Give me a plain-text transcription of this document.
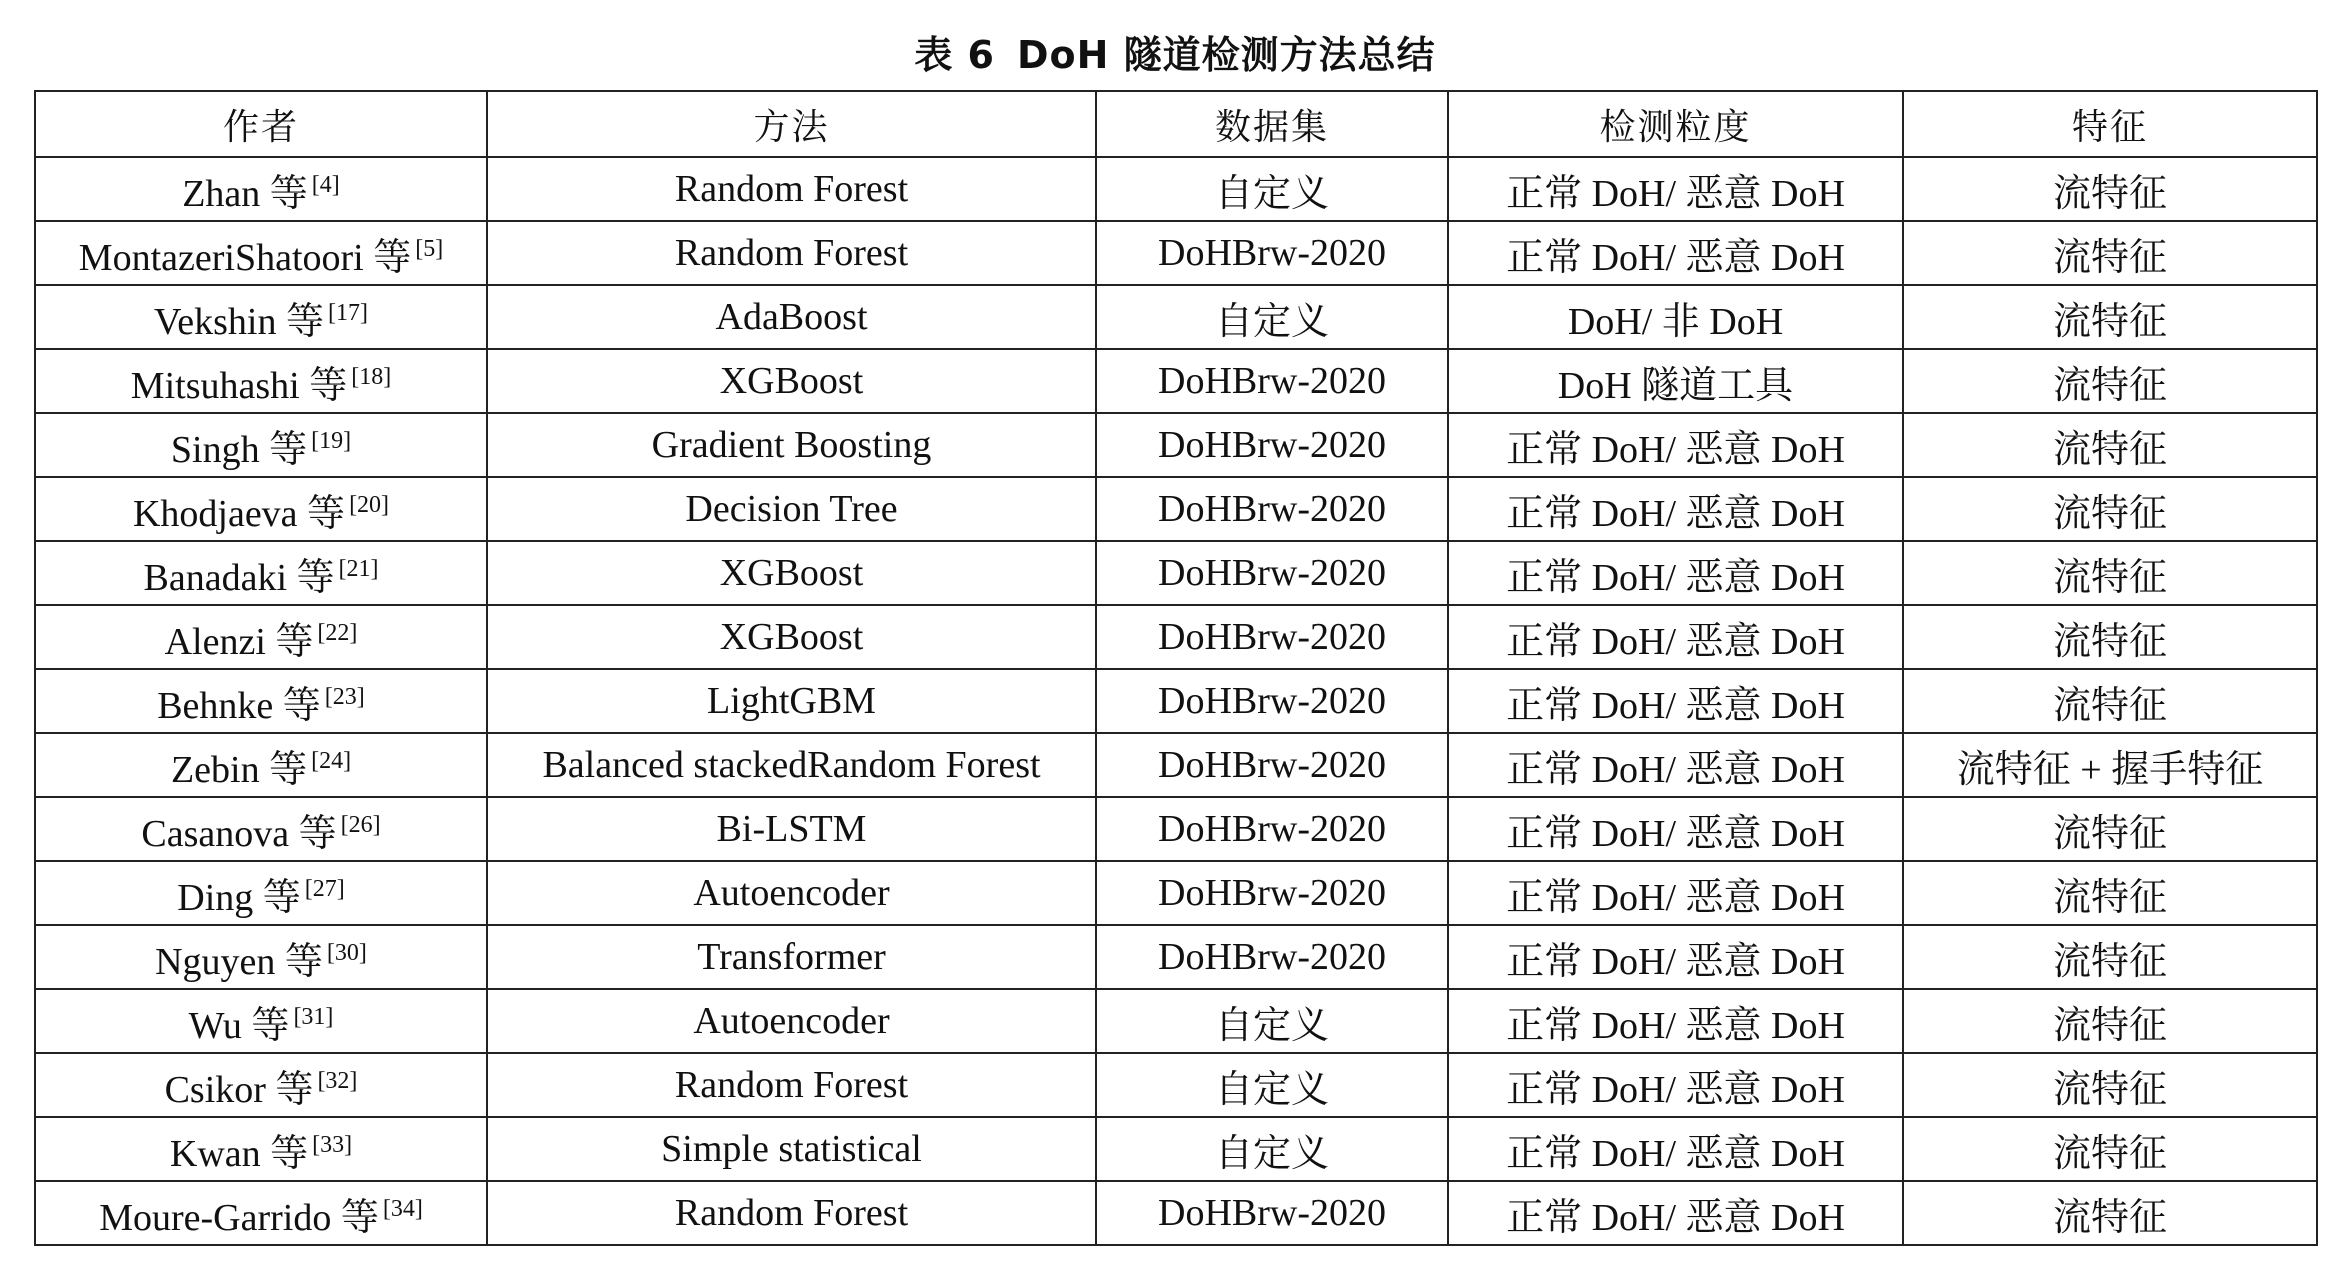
表 6 DoH 隧道检测方法总结
作者	方法	数据集	检测粒度	特征
Zhan 等 [4]	Random Forest	自定义	正常 DoH/ 恶意 DoH	流特征
MontazeriShatoori 等 [5]	Random Forest	DoHBrw-2020	正常 DoH/ 恶意 DoH	流特征
Vekshin 等 [17]	AdaBoost	自定义	DoH/ 非 DoH	流特征
Mitsuhashi 等 [18]	XGBoost	DoHBrw-2020	DoH 隧道工具	流特征
Singh 等 [19]	Gradient Boosting	DoHBrw-2020	正常 DoH/ 恶意 DoH	流特征
Khodjaeva 等 [20]	Decision Tree	DoHBrw-2020	正常 DoH/ 恶意 DoH	流特征
Banadaki 等 [21]	XGBoost	DoHBrw-2020	正常 DoH/ 恶意 DoH	流特征
Alenzi 等 [22]	XGBoost	DoHBrw-2020	正常 DoH/ 恶意 DoH	流特征
Behnke 等 [23]	LightGBM	DoHBrw-2020	正常 DoH/ 恶意 DoH	流特征
Zebin 等 [24]	Balanced stackedRandom Forest	DoHBrw-2020	正常 DoH/ 恶意 DoH	流特征 + 握手特征
Casanova 等 [26]	Bi-LSTM	DoHBrw-2020	正常 DoH/ 恶意 DoH	流特征
Ding 等 [27]	Autoencoder	DoHBrw-2020	正常 DoH/ 恶意 DoH	流特征
Nguyen 等 [30]	Transformer	DoHBrw-2020	正常 DoH/ 恶意 DoH	流特征
Wu 等 [31]	Autoencoder	自定义	正常 DoH/ 恶意 DoH	流特征
Csikor 等 [32]	Random Forest	自定义	正常 DoH/ 恶意 DoH	流特征
Kwan 等 [33]	Simple statistical	自定义	正常 DoH/ 恶意 DoH	流特征
Moure-Garrido 等 [34]	Random Forest	DoHBrw-2020	正常 DoH/ 恶意 DoH	流特征
